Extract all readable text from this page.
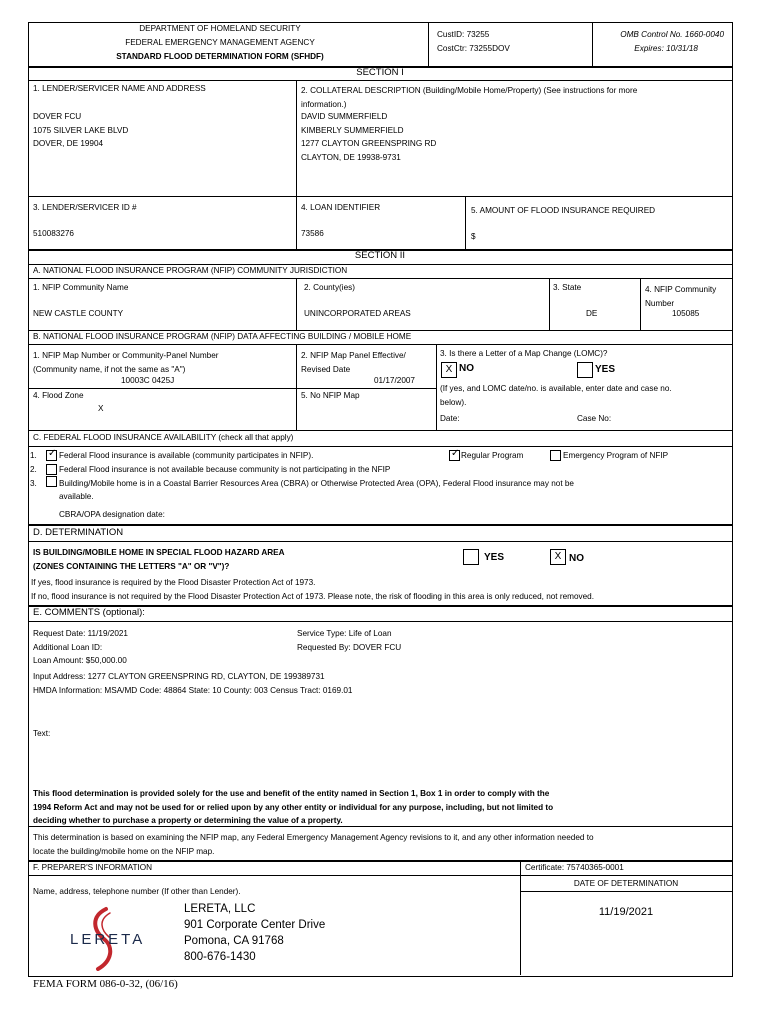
DEPARTMENT OF HOMELAND SECURITY
FEDERAL EMERGENCY MANAGEMENT AGENCY
STANDARD FLOOD DETERMINATION FORM (SFHDF)
CustID: 73255
CostCtr: 73255DOV
OMB Control No. 1660-0040
Expires: 10/31/18
SECTION I
1. LENDER/SERVICER NAME AND ADDRESS
DOVER FCU
1075 SILVER LAKE BLVD
DOVER, DE 19904
2. COLLATERAL DESCRIPTION (Building/Mobile Home/Property) (See instructions for more
information.)
DAVID SUMMERFIELD
KIMBERLY SUMMERFIELD
1277 CLAYTON GREENSPRING RD
CLAYTON, DE 19938-9731
3. LENDER/SERVICER ID #
510083276
4. LOAN IDENTIFIER
73586
5. AMOUNT OF FLOOD INSURANCE REQUIRED
$
SECTION II
A. NATIONAL FLOOD INSURANCE PROGRAM (NFIP) COMMUNITY JURISDICTION
1. NFIP Community Name
NEW CASTLE COUNTY
2. County(ies)
UNINCORPORATED AREAS
3. State
DE
4. NFIP Community
Number
105085
B. NATIONAL FLOOD INSURANCE PROGRAM (NFIP) DATA AFFECTING BUILDING / MOBILE HOME
1. NFIP Map Number or Community-Panel Number
(Community name, if not the same as "A")
10003C 0425J
2. NFIP Map Panel Effective/
Revised Date
01/17/2007
4. Flood Zone
X
5. No NFIP Map
3. Is there a Letter of a Map Change (LOMC)?
X NO	YES
(If yes, and LOMC date/no. is available, enter date and case no.
below).
Date:	Case No:
C. FEDERAL FLOOD INSURANCE AVAILABILITY (check all that apply)
1. ✓	Federal Flood insurance is available (community participates in NFIP). ✓	Regular Program	Emergency Program of NFIP
2.	Federal Flood insurance is not available because community is not participating in the NFIP
3.	Building/Mobile home is in a Coastal Barrier Resources Area (CBRA) or Otherwise Protected Area (OPA), Federal Flood insurance may not be
available.
CBRA/OPA designation date:
D. DETERMINATION
IS BUILDING/MOBILE HOME IN SPECIAL FLOOD HAZARD AREA
(ZONES CONTAINING THE LETTERS "A" OR "V")?
YES	X NO
If yes, flood insurance is required by the Flood Disaster Protection Act of 1973.
If no, flood insurance is not required by the Flood Disaster Protection Act of 1973. Please note, the risk of flooding in this area is only reduced, not removed.
E. COMMENTS (optional):
Request Date: 11/19/2021
Additional Loan ID:
Loan Amount: $50,000.00
Service Type: Life of Loan
Requested By: DOVER FCU
Input Address: 1277 CLAYTON GREENSPRING RD, CLAYTON, DE 199389731
HMDA Information: MSA/MD Code: 48864 State: 10 County: 003 Census Tract: 0169.01
Text:
This flood determination is provided solely for the use and benefit of the entity named in Section 1, Box 1 in order to comply with the
1994 Reform Act and may not be used for or relied upon by any other entity or individual for any purpose, including, but not limited to
deciding whether to purchase a property or determining the value of a property.
This determination is based on examining the NFIP map, any Federal Emergency Management Agency revisions to it, and any other information needed to
locate the building/mobile home on the NFIP map.
F. PREPARER'S INFORMATION	Certificate: 75740365-0001
DATE OF DETERMINATION
Name, address, telephone number (If other than Lender).
LERETA
LERETA, LLC
901 Corporate Center Drive
Pomona, CA 91768
800-676-1430
11/19/2021
FEMA FORM 086-0-32, (06/16)
